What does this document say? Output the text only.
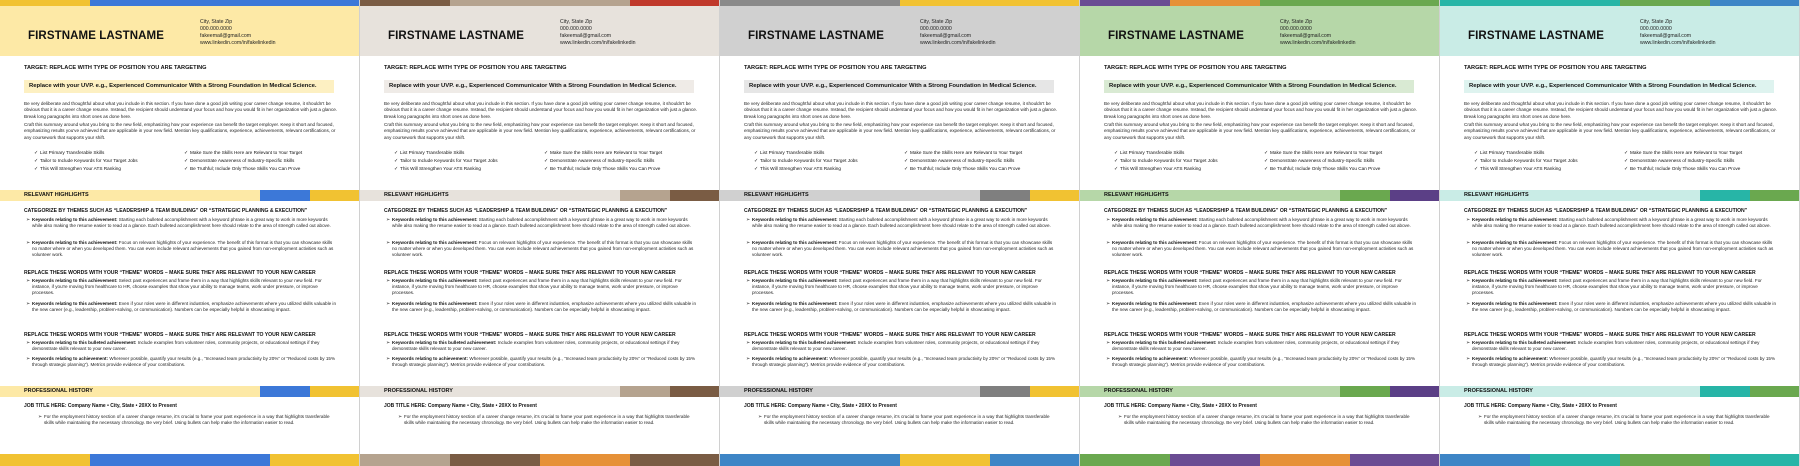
FIRSTNAME LASTNAME
City, State Zip
000.000.0000
fakeemail@gmail.com
www.linkedin.com/in/fakelinkedin
TARGET: REPLACE WITH TYPE OF POSITION YOU ARE TARGETING
Replace with your UVP. e.g., Experienced Communicator With a Strong Foundation in Medical Science.
Be very deliberate and thoughtful about what you include in this section. If you have done a good job writing your career change resume, it shouldn't be obvious that it is a career change resume. Instead, the recipient should understand your focus and how you would fit in her organization with just a glance. Break long paragraphs into short ones as done here.
Craft this summary around what you bring to the new field, emphasizing how your experience can benefit the target employer. Keep it short and focused, emphasizing results you've achieved that are applicable in your new field. Mention key qualifications, experience, achievements, relevant certifications, or any coursework that supports your shift.
✓ List Primary Transferable Skills	✓ Make Sure the Skills Here are Relevant to Your Target
✓ Tailor to Include Keywords for Your Target Jobs	✓ Demonstrate Awareness of Industry-Specific Skills
✓ This Will Strengthen Your ATS Ranking	✓ Be Truthful; Include Only Those Skills You Can Prove
RELEVANT HIGHLIGHTS
CATEGORIZE BY THEMES SUCH AS “LEADERSHIP & TEAM BUILDING” OR “STRATEGIC PLANNING & EXECUTION”
➢ Keywords relating to this achievement: Starting each bulleted accomplishment with a keyword phrase is a great way to work in more keywords while also making the resume easier to read at a glance. Each bulleted accomplishment here should relate to the area of strength called out above.
➢ Keywords relating to this achievement: Focus on relevant highlights of your experience. The benefit of this format is that you can showcase skills no matter where or when you developed them. You can even include relevant achievements that you gained from non-employment activities such as volunteer work.
REPLACE THESE WORDS WITH YOUR “THEME” WORDS – MAKE SURE THEY ARE RELEVANT TO YOUR NEW CAREER
➢ Keywords relating to this achievement: Select past experiences and frame them in a way that highlights skills relevant to your new field. For instance, if you're moving from healthcare to HR, choose examples that show your ability to manage teams, work under pressure, or improve processes.
➢ Keywords relating to this achievement: Even if your roles were in different industries, emphasize achievements where you utilized skills valuable in the new career (e.g., leadership, problem-solving, or communication). Numbers can be especially helpful in showcasing impact.
REPLACE THESE WORDS WITH YOUR “THEME” WORDS – MAKE SURE THEY ARE RELEVANT TO YOUR NEW CAREER
➢ Keywords relating to this bulleted achievement: Include examples from volunteer roles, community projects, or educational settings if they demonstrate skills relevant to your new career.
➢ Keywords relating to achievement: Wherever possible, quantify your results (e.g., “Increased team productivity by 20%” or “Reduced costs by 15% through strategic planning”). Metrics provide evidence of your contributions.
PROFESSIONAL HISTORY
JOB TITLE HERE: Company Name • City, State • 20XX to Present
➢ For the employment history section of a career change resume, it's crucial to frame your past experience in a way that highlights transferable skills while maintaining the necessary chronology. Be very brief. Using bullets can help make the information easier to read.
FIRSTNAME LASTNAME
City, State Zip
000.000.0000
fakeemail@gmail.com
www.linkedin.com/in/fakelinkedin
TARGET: REPLACE WITH TYPE OF POSITION YOU ARE TARGETING
Replace with your UVP. e.g., Experienced Communicator With a Strong Foundation in Medical Science.
Be very deliberate and thoughtful about what you include in this section. If you have done a good job writing your career change resume, it shouldn't be obvious that it is a career change resume. Instead, the recipient should understand your focus and how you would fit in her organization with just a glance. Break long paragraphs into short ones as done here.
Craft this summary around what you bring to the new field, emphasizing how your experience can benefit the target employer. Keep it short and focused, emphasizing results you've achieved that are applicable in your new field. Mention key qualifications, experience, achievements, relevant certifications, or any coursework that supports your shift.
✓ List Primary Transferable Skills	✓ Make Sure the Skills Here are Relevant to Your Target
✓ Tailor to Include Keywords for Your Target Jobs	✓ Demonstrate Awareness of Industry-Specific Skills
✓ This Will Strengthen Your ATS Ranking	✓ Be Truthful; Include Only Those Skills You Can Prove
RELEVANT HIGHLIGHTS
CATEGORIZE BY THEMES SUCH AS “LEADERSHIP & TEAM BUILDING” OR “STRATEGIC PLANNING & EXECUTION”
➢ Keywords relating to this achievement: Starting each bulleted accomplishment with a keyword phrase is a great way to work in more keywords while also making the resume easier to read at a glance. Each bulleted accomplishment here should relate to the area of strength called out above.
➢ Keywords relating to this achievement: Focus on relevant highlights of your experience. The benefit of this format is that you can showcase skills no matter where or when you developed them. You can even include relevant achievements that you gained from non-employment activities such as volunteer work.
REPLACE THESE WORDS WITH YOUR “THEME” WORDS – MAKE SURE THEY ARE RELEVANT TO YOUR NEW CAREER
➢ Keywords relating to this achievement: Select past experiences and frame them in a way that highlights skills relevant to your new field. For instance, if you're moving from healthcare to HR, choose examples that show your ability to manage teams, work under pressure, or improve processes.
➢ Keywords relating to this achievement: Even if your roles were in different industries, emphasize achievements where you utilized skills valuable in the new career (e.g., leadership, problem-solving, or communication). Numbers can be especially helpful in showcasing impact.
REPLACE THESE WORDS WITH YOUR “THEME” WORDS – MAKE SURE THEY ARE RELEVANT TO YOUR NEW CAREER
➢ Keywords relating to this bulleted achievement: Include examples from volunteer roles, community projects, or educational settings if they demonstrate skills relevant to your new career.
➢ Keywords relating to achievement: Wherever possible, quantify your results (e.g., “Increased team productivity by 20%” or “Reduced costs by 15% through strategic planning”). Metrics provide evidence of your contributions.
PROFESSIONAL HISTORY
JOB TITLE HERE: Company Name • City, State • 20XX to Present
➢ For the employment history section of a career change resume, it's crucial to frame your past experience in a way that highlights transferable skills while maintaining the necessary chronology. Be very brief. Using bullets can help make the information easier to read.
FIRSTNAME LASTNAME
City, State Zip
000.000.0000
fakeemail@gmail.com
www.linkedin.com/in/fakelinkedin
TARGET: REPLACE WITH TYPE OF POSITION YOU ARE TARGETING
Replace with your UVP. e.g., Experienced Communicator With a Strong Foundation in Medical Science.
Be very deliberate and thoughtful about what you include in this section. If you have done a good job writing your career change resume, it shouldn't be obvious that it is a career change resume. Instead, the recipient should understand your focus and how you would fit in her organization with just a glance. Break long paragraphs into short ones as done here.
Craft this summary around what you bring to the new field, emphasizing how your experience can benefit the target employer. Keep it short and focused, emphasizing results you've achieved that are applicable in your new field. Mention key qualifications, experience, achievements, relevant certifications, or any coursework that supports your shift.
✓ List Primary Transferable Skills	✓ Make Sure the Skills Here are Relevant to Your Target
✓ Tailor to Include Keywords for Your Target Jobs	✓ Demonstrate Awareness of Industry-Specific Skills
✓ This Will Strengthen Your ATS Ranking	✓ Be Truthful; Include Only Those Skills You Can Prove
RELEVANT HIGHLIGHTS
CATEGORIZE BY THEMES SUCH AS “LEADERSHIP & TEAM BUILDING” OR “STRATEGIC PLANNING & EXECUTION”
➢ Keywords relating to this achievement: Starting each bulleted accomplishment with a keyword phrase is a great way to work in more keywords while also making the resume easier to read at a glance. Each bulleted accomplishment here should relate to the area of strength called out above.
➢ Keywords relating to this achievement: Focus on relevant highlights of your experience. The benefit of this format is that you can showcase skills no matter where or when you developed them. You can even include relevant achievements that you gained from non-employment activities such as volunteer work.
REPLACE THESE WORDS WITH YOUR “THEME” WORDS – MAKE SURE THEY ARE RELEVANT TO YOUR NEW CAREER
➢ Keywords relating to this achievement: Select past experiences and frame them in a way that highlights skills relevant to your new field. For instance, if you're moving from healthcare to HR, choose examples that show your ability to manage teams, work under pressure, or improve processes.
➢ Keywords relating to this achievement: Even if your roles were in different industries, emphasize achievements where you utilized skills valuable in the new career (e.g., leadership, problem-solving, or communication). Numbers can be especially helpful in showcasing impact.
REPLACE THESE WORDS WITH YOUR “THEME” WORDS – MAKE SURE THEY ARE RELEVANT TO YOUR NEW CAREER
➢ Keywords relating to this bulleted achievement: Include examples from volunteer roles, community projects, or educational settings if they demonstrate skills relevant to your new career.
➢ Keywords relating to achievement: Wherever possible, quantify your results (e.g., “Increased team productivity by 20%” or “Reduced costs by 15% through strategic planning”). Metrics provide evidence of your contributions.
PROFESSIONAL HISTORY
JOB TITLE HERE: Company Name • City, State • 20XX to Present
➢ For the employment history section of a career change resume, it's crucial to frame your past experience in a way that highlights transferable skills while maintaining the necessary chronology. Be very brief. Using bullets can help make the information easier to read.
FIRSTNAME LASTNAME
City, State Zip
000.000.0000
fakeemail@gmail.com
www.linkedin.com/in/fakelinkedin
TARGET: REPLACE WITH TYPE OF POSITION YOU ARE TARGETING
Replace with your UVP. e.g., Experienced Communicator With a Strong Foundation in Medical Science.
Be very deliberate and thoughtful about what you include in this section. If you have done a good job writing your career change resume, it shouldn't be obvious that it is a career change resume. Instead, the recipient should understand your focus and how you would fit in her organization with just a glance. Break long paragraphs into short ones as done here.
Craft this summary around what you bring to the new field, emphasizing how your experience can benefit the target employer. Keep it short and focused, emphasizing results you've achieved that are applicable in your new field. Mention key qualifications, experience, achievements, relevant certifications, or any coursework that supports your shift.
✓ List Primary Transferable Skills	✓ Make Sure the Skills Here are Relevant to Your Target
✓ Tailor to Include Keywords for Your Target Jobs	✓ Demonstrate Awareness of Industry-Specific Skills
✓ This Will Strengthen Your ATS Ranking	✓ Be Truthful; Include Only Those Skills You Can Prove
RELEVANT HIGHLIGHTS
CATEGORIZE BY THEMES SUCH AS “LEADERSHIP & TEAM BUILDING” OR “STRATEGIC PLANNING & EXECUTION”
➢ Keywords relating to this achievement: Starting each bulleted accomplishment with a keyword phrase is a great way to work in more keywords while also making the resume easier to read at a glance. Each bulleted accomplishment here should relate to the area of strength called out above.
➢ Keywords relating to this achievement: Focus on relevant highlights of your experience. The benefit of this format is that you can showcase skills no matter where or when you developed them. You can even include relevant achievements that you gained from non-employment activities such as volunteer work.
REPLACE THESE WORDS WITH YOUR “THEME” WORDS – MAKE SURE THEY ARE RELEVANT TO YOUR NEW CAREER
➢ Keywords relating to this achievement: Select past experiences and frame them in a way that highlights skills relevant to your new field. For instance, if you're moving from healthcare to HR, choose examples that show your ability to manage teams, work under pressure, or improve processes.
➢ Keywords relating to this achievement: Even if your roles were in different industries, emphasize achievements where you utilized skills valuable in the new career (e.g., leadership, problem-solving, or communication). Numbers can be especially helpful in showcasing impact.
REPLACE THESE WORDS WITH YOUR “THEME” WORDS – MAKE SURE THEY ARE RELEVANT TO YOUR NEW CAREER
➢ Keywords relating to this bulleted achievement: Include examples from volunteer roles, community projects, or educational settings if they demonstrate skills relevant to your new career.
➢ Keywords relating to achievement: Wherever possible, quantify your results (e.g., “Increased team productivity by 20%” or “Reduced costs by 15% through strategic planning”). Metrics provide evidence of your contributions.
PROFESSIONAL HISTORY
JOB TITLE HERE: Company Name • City, State • 20XX to Present
➢ For the employment history section of a career change resume, it's crucial to frame your past experience in a way that highlights transferable skills while maintaining the necessary chronology. Be very brief. Using bullets can help make the information easier to read.
FIRSTNAME LASTNAME
City, State Zip
000.000.0000
fakeemail@gmail.com
www.linkedin.com/in/fakelinkedin
TARGET: REPLACE WITH TYPE OF POSITION YOU ARE TARGETING
Replace with your UVP. e.g., Experienced Communicator With a Strong Foundation in Medical Science.
Be very deliberate and thoughtful about what you include in this section. If you have done a good job writing your career change resume, it shouldn't be obvious that it is a career change resume. Instead, the recipient should understand your focus and how you would fit in her organization with just a glance. Break long paragraphs into short ones as done here.
Craft this summary around what you bring to the new field, emphasizing how your experience can benefit the target employer. Keep it short and focused, emphasizing results you've achieved that are applicable in your new field. Mention key qualifications, experience, achievements, relevant certifications, or any coursework that supports your shift.
✓ List Primary Transferable Skills	✓ Make Sure the Skills Here are Relevant to Your Target
✓ Tailor to Include Keywords for Your Target Jobs	✓ Demonstrate Awareness of Industry-Specific Skills
✓ This Will Strengthen Your ATS Ranking	✓ Be Truthful; Include Only Those Skills You Can Prove
RELEVANT HIGHLIGHTS
CATEGORIZE BY THEMES SUCH AS “LEADERSHIP & TEAM BUILDING” OR “STRATEGIC PLANNING & EXECUTION”
➢ Keywords relating to this achievement: Starting each bulleted accomplishment with a keyword phrase is a great way to work in more keywords while also making the resume easier to read at a glance. Each bulleted accomplishment here should relate to the area of strength called out above.
➢ Keywords relating to this achievement: Focus on relevant highlights of your experience. The benefit of this format is that you can showcase skills no matter where or when you developed them. You can even include relevant achievements that you gained from non-employment activities such as volunteer work.
REPLACE THESE WORDS WITH YOUR “THEME” WORDS – MAKE SURE THEY ARE RELEVANT TO YOUR NEW CAREER
➢ Keywords relating to this achievement: Select past experiences and frame them in a way that highlights skills relevant to your new field. For instance, if you're moving from healthcare to HR, choose examples that show your ability to manage teams, work under pressure, or improve processes.
➢ Keywords relating to this achievement: Even if your roles were in different industries, emphasize achievements where you utilized skills valuable in the new career (e.g., leadership, problem-solving, or communication). Numbers can be especially helpful in showcasing impact.
REPLACE THESE WORDS WITH YOUR “THEME” WORDS – MAKE SURE THEY ARE RELEVANT TO YOUR NEW CAREER
➢ Keywords relating to this bulleted achievement: Include examples from volunteer roles, community projects, or educational settings if they demonstrate skills relevant to your new career.
➢ Keywords relating to achievement: Wherever possible, quantify your results (e.g., “Increased team productivity by 20%” or “Reduced costs by 15% through strategic planning”). Metrics provide evidence of your contributions.
PROFESSIONAL HISTORY
JOB TITLE HERE: Company Name • City, State • 20XX to Present
➢ For the employment history section of a career change resume, it's crucial to frame your past experience in a way that highlights transferable skills while maintaining the necessary chronology. Be very brief. Using bullets can help make the information easier to read.
